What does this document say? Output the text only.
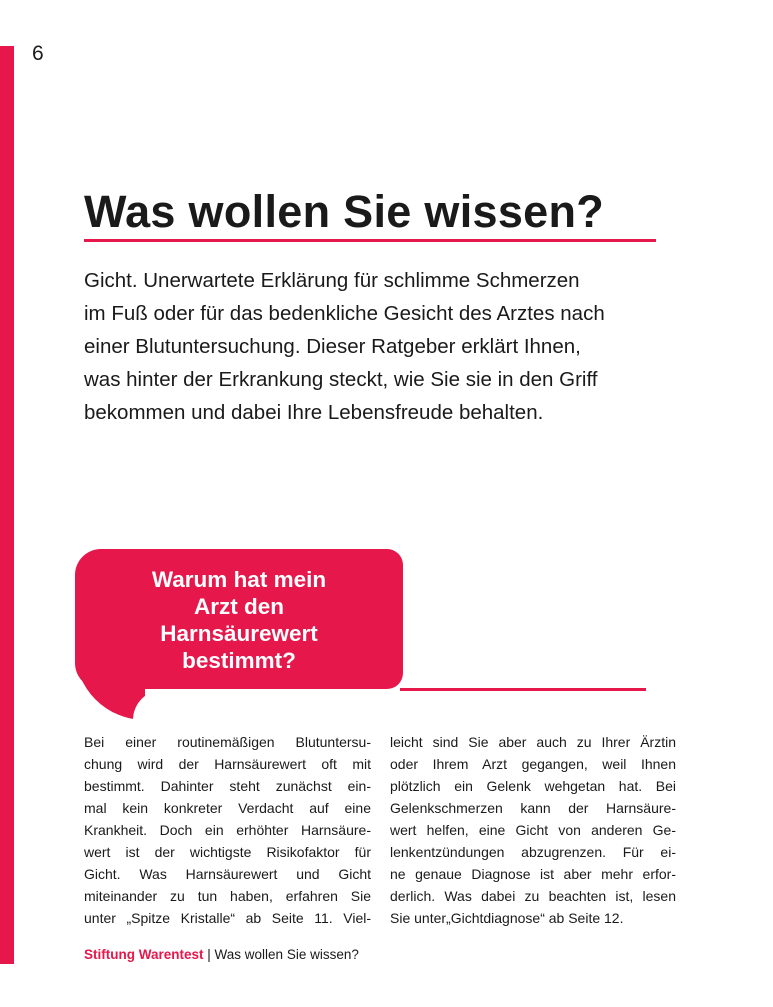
6
Was wollen Sie wissen?

Gicht. Unerwartete Erklärung für schlimme Schmerzen
im Fuß oder für das bedenkliche Gesicht des Arztes nach
einer Blutuntersuchung. Dieser Ratgeber erklärt Ihnen,
was hinter der Erkrankung steckt, wie Sie sie in den Griff
bekommen und dabei Ihre Lebensfreude behalten.

Warum hat mein
Arzt den
Harnsäurewert
bestimmt?

Bei einer routinemäßigen Blutuntersu-
chung wird der Harnsäurewert oft mit
bestimmt. Dahinter steht zunächst ein-
mal kein konkreter Verdacht auf eine
Krankheit. Doch ein erhöhter Harnsäure-
wert ist der wichtigste Risikofaktor für
Gicht. Was Harnsäurewert und Gicht
miteinander zu tun haben, erfahren Sie
unter „Spitze Kristalle“ ab Seite 11. Viel-

leicht sind Sie aber auch zu Ihrer Ärztin
oder Ihrem Arzt gegangen, weil Ihnen
plötzlich ein Gelenk wehgetan hat. Bei
Gelenkschmerzen kann der Harnsäure-
wert helfen, eine Gicht von anderen Ge-
lenkentzündungen abzugrenzen. Für ei-
ne genaue Diagnose ist aber mehr erfor-
derlich. Was dabei zu beachten ist, lesen
Sie unter„Gichtdiagnose“ ab Seite 12.

Stiftung Warentest | Was wollen Sie wissen?
